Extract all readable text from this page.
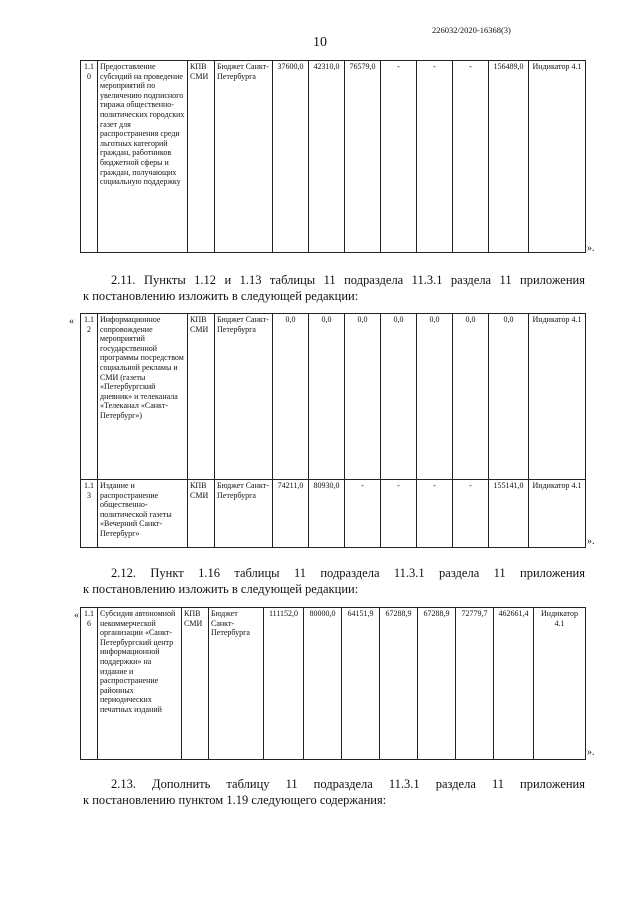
226032/2020-16368(3)
10
1.10	Предоставление субсидий на проведение мероприятий по увеличению подписного тиража общественно-политических городских газет для распространения среди льготных категорий граждан, работников бюджетной сферы и граждан, получающих социальную поддержку	КПВ СМИ	Бюджет Санкт-Петербурга	37600,0	42310,0	76579,0	-	-	-	156489,0	Индикатор 4.1
».
2.11. Пункты 1.12 и 1.13 таблицы 11 подраздела 11.3.1 раздела 11 приложения
к постановлению изложить в следующей редакции:
« 1.12	Информационное сопровождение мероприятий государственной программы посредством социальной рекламы и СМИ (газеты «Петербургский дневник» и телеканала «Телеканал «Санкт-Петербург»)	КПВ СМИ	Бюджет Санкт-Петербурга	0,0	0,0	0,0	0,0	0,0	0,0	0,0	Индикатор 4.1
1.13	Издание и распространение общественно-политической газеты «Вечерний Санкт-Петербург»	КПВ СМИ	Бюджет Санкт-Петербурга	74211,0	80930,0	-	-	-	-	155141,0	Индикатор 4.1
».
2.12. Пункт 1.16 таблицы 11 подраздела 11.3.1 раздела 11 приложения
к постановлению изложить в следующей редакции:
« 1.16	Субсидия автономной некоммерческой организации «Санкт-Петербургский центр информационной поддержки» на издание и распространение районных периодических печатных изданий	КПВ СМИ	Бюджет Санкт-Петербурга	111152,0	80000,0	64151,9	67288,9	67288,9	72779,7	462661,4	Индикатор 4.1
».
2.13. Дополнить таблицу 11 подраздела 11.3.1 раздела 11 приложения
к постановлению пунктом 1.19 следующего содержания:
